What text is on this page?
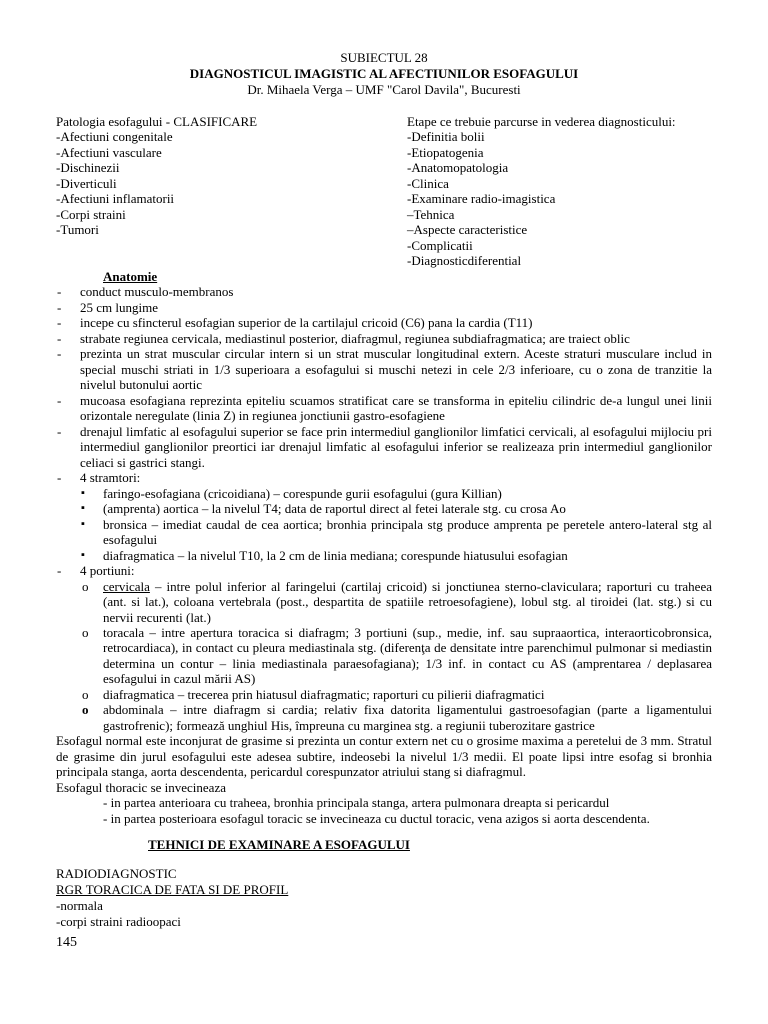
SUBIECTUL 28
DIAGNOSTICUL IMAGISTIC AL AFECTIUNILOR ESOFAGULUI
Dr. Mihaela Verga – UMF "Carol Davila", Bucuresti
Patologia esofagului - CLASIFICARE
-Afectiuni congenitale
-Afectiuni vasculare
-Dischinezii
-Diverticuli
-Afectiuni inflamatorii
-Corpi straini
-Tumori
Etape ce trebuie parcurse in vederea diagnosticului:
-Definitia bolii
-Etiopatogenia
-Anatomopatologia
-Clinica
-Examinare radio-imagistica
–Tehnica
–Aspecte caracteristice
-Complicatii
-Diagnosticdiferential
Anatomie
- conduct musculo-membranos
- 25 cm lungime
- incepe cu sfincterul esofagian superior de la cartilajul cricoid (C6) pana la cardia (T11)
- strabate regiunea cervicala, mediastinul posterior, diafragmul, regiunea subdiafragmatica; are traiect oblic
- prezinta un strat muscular circular intern si un strat muscular longitudinal extern. Aceste straturi musculare includ in special muschi striati in 1/3 superioara a esofagului si muschi netezi in cele 2/3 inferioare, cu o zona de tranzitie la nivelul butonului aortic
- mucoasa esofagiana reprezinta epiteliu scuamos stratificat care se transforma in epiteliu cilindric de-a lungul unei linii orizontale neregulate (linia Z) in regiunea jonctiunii gastro-esofagiene
- drenajul limfatic al esofagului superior se face prin intermediul ganglionilor limfatici cervicali, al esofagului mijlociu pri intermediul ganglionilor preortici iar drenajul limfatic al esofagului inferior se realizeaza prin intermediul ganglionilor celiaci si gastrici stangi.
- 4 stramtori:
▪ faringo-esofagiana (cricoidiana) – corespunde gurii esofagului (gura Killian)
▪ (amprenta) aortica – la nivelul T4; data de raportul direct al fetei laterale stg. cu crosa Ao
▪ bronsica – imediat caudal de cea aortica; bronhia principala stg produce amprenta pe peretele antero-lateral stg al esofagului
▪ diafragmatica – la nivelul T10, la 2 cm de linia mediana; corespunde hiatusului esofagian
- 4 portiuni:
o cervicala – intre polul inferior al faringelui (cartilaj cricoid) si jonctiunea sterno-claviculara; raporturi cu traheea (ant. si lat.), coloana vertebrala (post., despartita de spatiile retroesofagiene), lobul stg. al tiroidei (lat. stg.) si cu nervii recurenti (lat.)
o toracala – intre apertura toracica si diafragm; 3 portiuni (sup., medie, inf. sau supraaortica, interaorticobronsica, retrocardiaca), in contact cu pleura mediastinala stg. (diferenţa de densitate intre parenchimul pulmonar si mediastin determina un contur – linia mediastinala paraesofagiana); 1/3 inf. in contact cu AS (amprentarea / deplasarea esofagului in cazul mării AS)
o diafragmatica – trecerea prin hiatusul diafragmatic; raporturi cu pilierii diafragmatici
o abdominala – intre diafragm si cardia; relativ fixa datorita ligamentului gastroesofagian (parte a ligamentului gastrofrenic); formează unghiul His, împreuna cu marginea stg. a regiunii tuberozitare gastrice
Esofagul normal este inconjurat de grasime si prezinta un contur extern net cu o grosime maxima a peretelui de 3 mm. Stratul de grasime din jurul esofagului este adesea subtire, indeosebi la nivelul 1/3 medii. El poate lipsi intre esofag si bronhia principala stanga, aorta descendenta, pericardul corespunzator atriului stang si diafragmul.
Esofagul thoracic se invecineaza
- in partea anterioara cu traheea, bronhia principala stanga, artera pulmonara dreapta si pericardul
- in partea posterioara esofagul toracic se invecineaza cu ductul toracic, vena azigos si aorta descendenta.
TEHNICI DE EXAMINARE A ESOFAGULUI
RADIODIAGNOSTIC
RGR TORACICA DE FATA SI DE PROFIL
-normala
-corpi straini radioopaci
145
